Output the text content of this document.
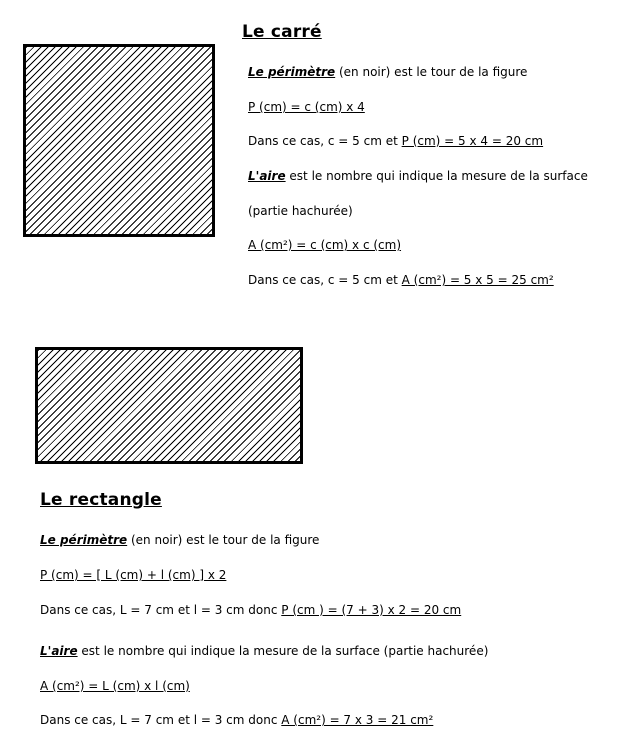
Le carré
Le périmètre (en noir) est le tour de la figure
P (cm) = c (cm) x 4
Dans ce cas, c = 5 cm et P (cm) = 5 x 4 = 20 cm
L'aire est le nombre qui indique la mesure de la surface
(partie hachurée)
A (cm²) = c (cm) x c (cm)
Dans ce cas, c = 5 cm et A (cm²) = 5 x 5 = 25 cm²
Le rectangle
Le périmètre (en noir) est le tour de la figure
P (cm) = [ L (cm) + l (cm) ] x 2
Dans ce cas, L = 7 cm et l = 3 cm donc P (cm ) = (7 + 3) x 2 = 20 cm
L'aire est le nombre qui indique la mesure de la surface (partie hachurée)
A (cm²) = L (cm) x l (cm)
Dans ce cas, L = 7 cm et l = 3 cm donc A (cm²) = 7 x 3 = 21 cm²
